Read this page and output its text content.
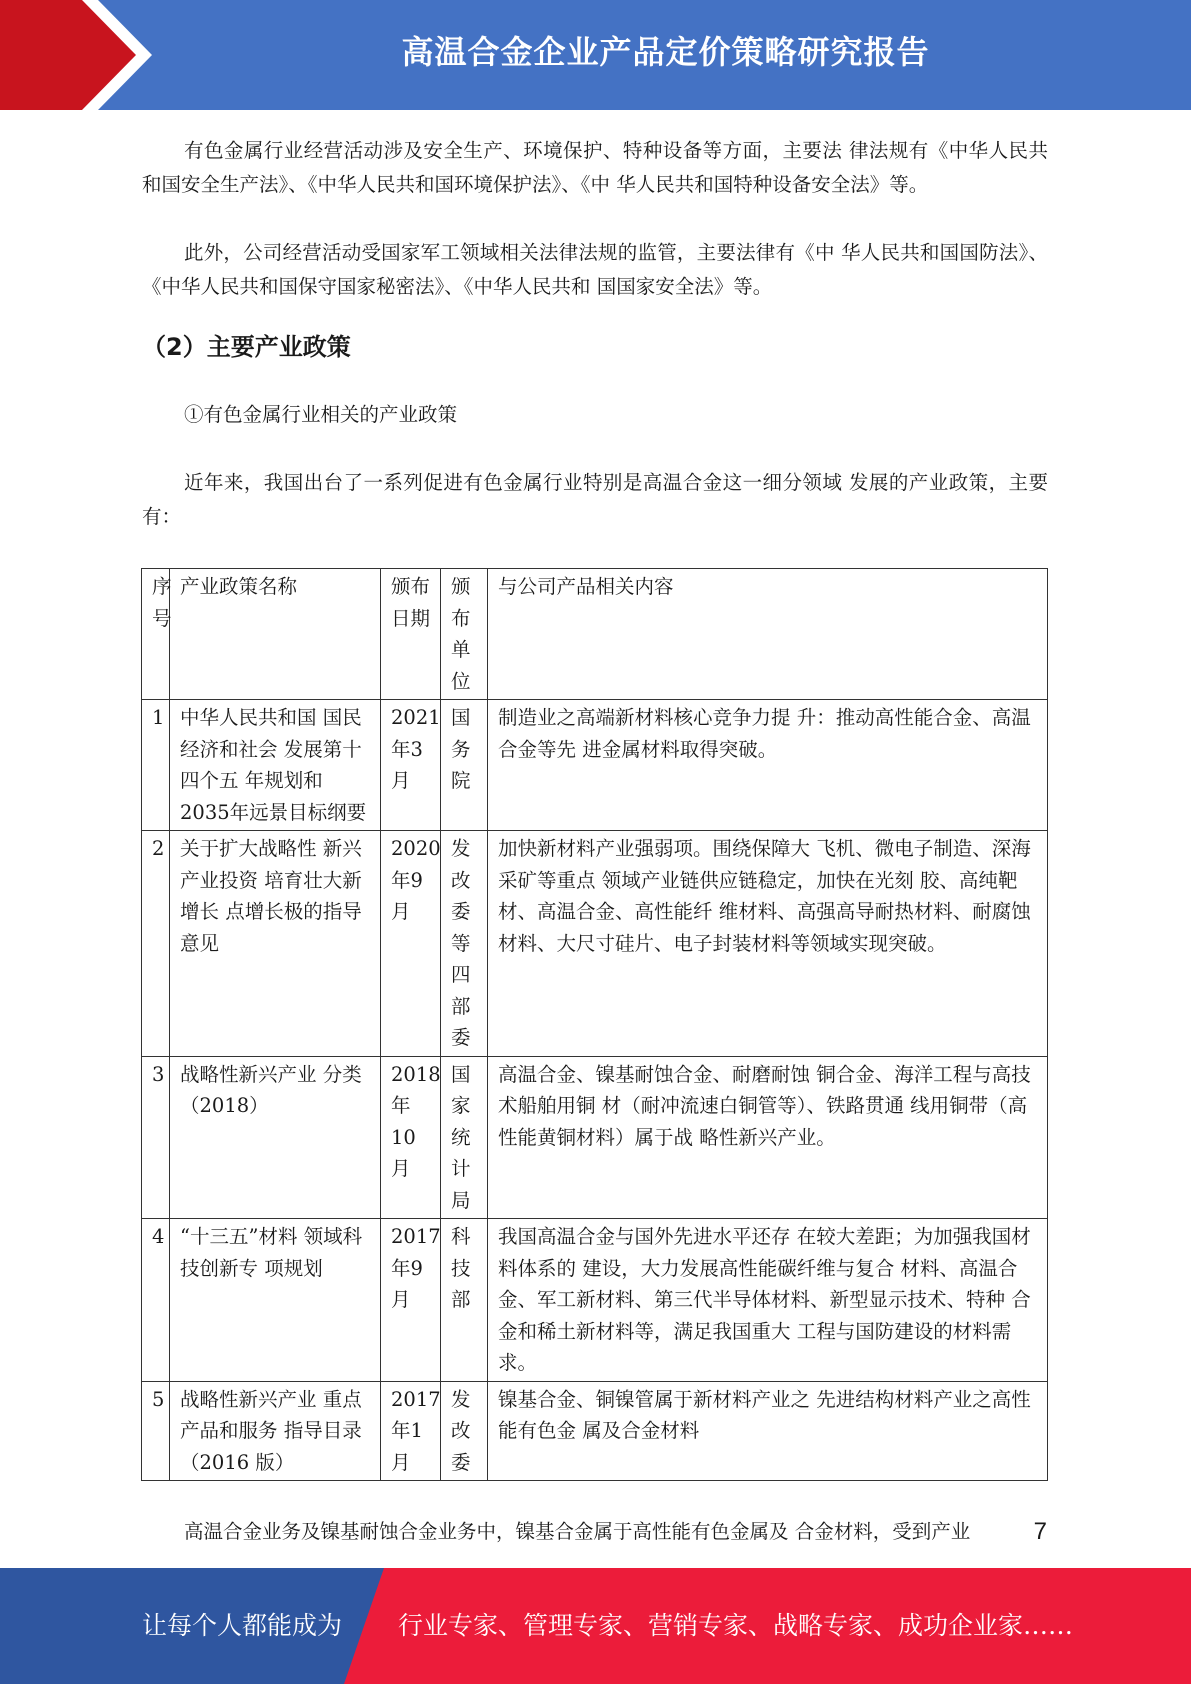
高温合金企业产品定价策略研究报告

有色金属行业经营活动涉及安全生产、环境保护、特种设备等方面，主要法 律法规有《中华人民共和国安全生产法》、《中华人民共和国环境保护法》、《中 华人民共和国特种设备安全法》等。

此外，公司经营活动受国家军工领域相关法律法规的监管，主要法律有《中 华人民共和国国防法》、《中华人民共和国保守国家秘密法》、《中华人民共和 国国家安全法》等。

（2）主要产业政策

①有色金属行业相关的产业政策

近年来，我国出台了一系列促进有色金属行业特别是高温合金这一细分领域 发展的产业政策，主要有：

序号	产业政策名称	颁布日期	颁布单位	与公司产品相关内容
1	中华人民共和国 国民经济和社会 发展第十四个五 年规划和2035年远景目标纲要	2021年3月	国务院	制造业之高端新材料核心竞争力提 升：推动高性能合金、高温合金等先 进金属材料取得突破。
2	关于扩大战略性 新兴产业投资 培育壮大新增长 点增长极的指导意见	2020年9月	发改委等四部委	加快新材料产业强弱项。围绕保障大 飞机、微电子制造、深海采矿等重点 领域产业链供应链稳定，加快在光刻 胶、高纯靶材、高温合金、高性能纤 维材料、高强高导耐热材料、耐腐蚀 材料、大尺寸硅片、电子封装材料等领域实现突破。
3	战略性新兴产业 分类（2018）	2018年10月	国家统计局	高温合金、镍基耐蚀合金、耐磨耐蚀 铜合金、海洋工程与高技术船舶用铜 材（耐冲流速白铜管等）、铁路贯通 线用铜带（高性能黄铜材料）属于战 略性新兴产业。
4	“十三五”材料 领域科技创新专 项规划	2017年9月	科技部	我国高温合金与国外先进水平还存 在较大差距；为加强我国材料体系的 建设，大力发展高性能碳纤维与复合 材料、高温合金、军工新材料、第三代半导体材料、新型显示技术、特种 合金和稀土新材料等，满足我国重大 工程与国防建设的材料需求。
5	战略性新兴产业 重点产品和服务 指导目录（2016 版）	2017年1月	发改委	镍基合金、铜镍管属于新材料产业之 先进结构材料产业之高性能有色金 属及合金材料

高温合金业务及镍基耐蚀合金业务中，镍基合金属于高性能有色金属及 合金材料，受到产业	7
让每个人都能成为 行业专家、管理专家、营销专家、战略专家、成功企业家……
